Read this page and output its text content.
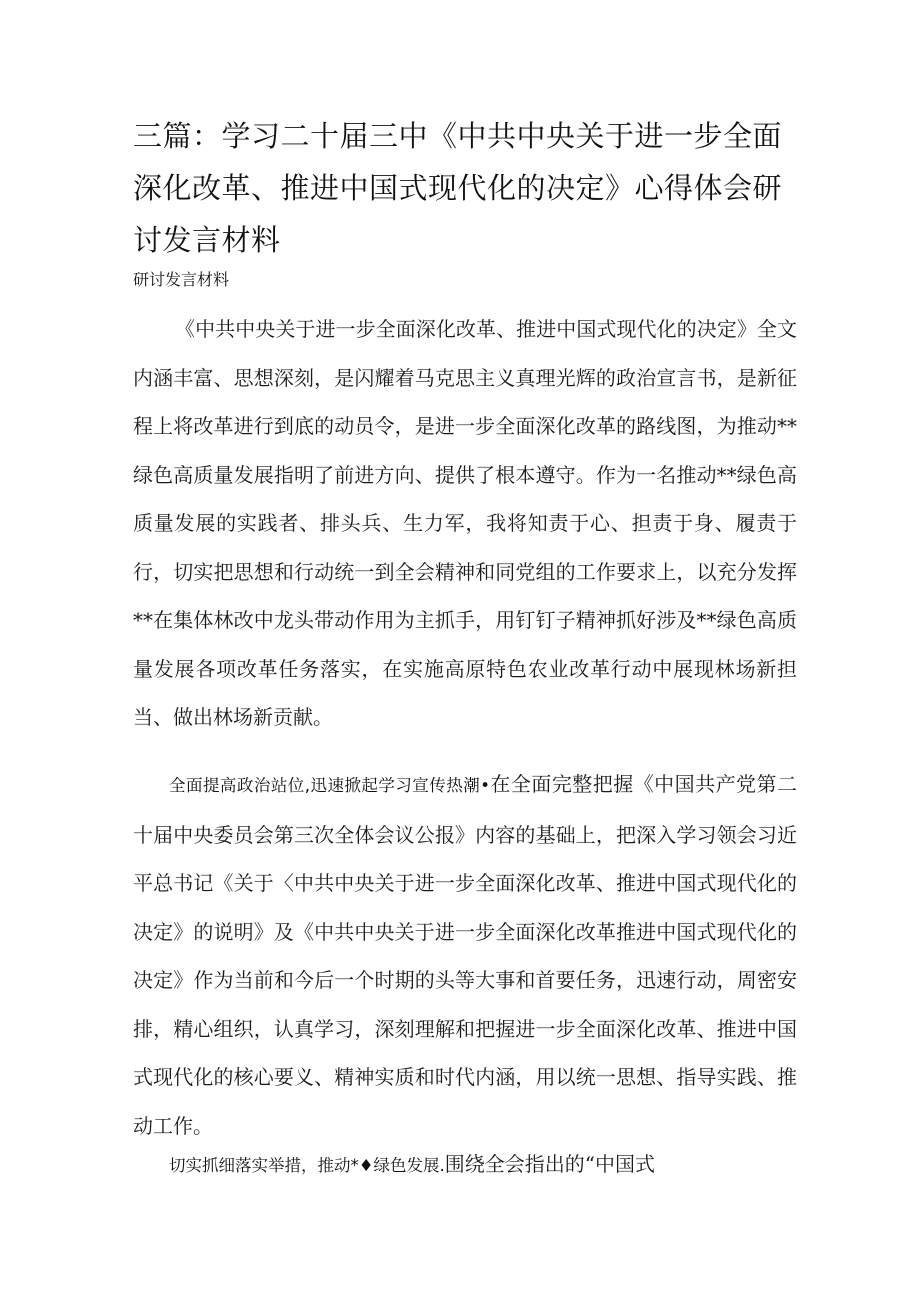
三篇：学习二十届三中《中共中央关于进一步全面深化改革、推进中国式现代化的决定》心得体会研讨发言材料

研讨发言材料

《中共中央关于进一步全面深化改革、推进中国式现代化的决定》全文内涵丰富、思想深刻，是闪耀着马克思主义真理光辉的政治宣言书，是新征程上将改革进行到底的动员令，是进一步全面深化改革的路线图，为推动**绿色高质量发展指明了前进方向、提供了根本遵守。作为一名推动**绿色高质量发展的实践者、排头兵、生力军，我将知责于心、担责于身、履责于行，切实把思想和行动统一到全会精神和同党组的工作要求上，以充分发挥**在集体林改中龙头带动作用为主抓手，用钉钉子精神抓好涉及**绿色高质量发展各项改革任务落实，在实施高原特色农业改革行动中展现林场新担当、做出林场新贡献。

全面提高政治站位,迅速掀起学习宣传热潮•在全面完整把握《中国共产党第二十届中央委员会第三次全体会议公报》内容的基础上，把深入学习领会习近平总书记《关于〈中共中央关于进一步全面深化改革、推进中国式现代化的决定》的说明》及《中共中央关于进一步全面深化改革推进中国式现代化的决定》作为当前和今后一个时期的头等大事和首要任务，迅速行动，周密安排，精心组织，认真学习，深刻理解和把握进一步全面深化改革、推进中国式现代化的核心要义、精神实质和时代内涵，用以统一思想、指导实践、推动工作。

切实抓细落实举措，推动*♦绿色发展.围绕全会指出的“中国式
